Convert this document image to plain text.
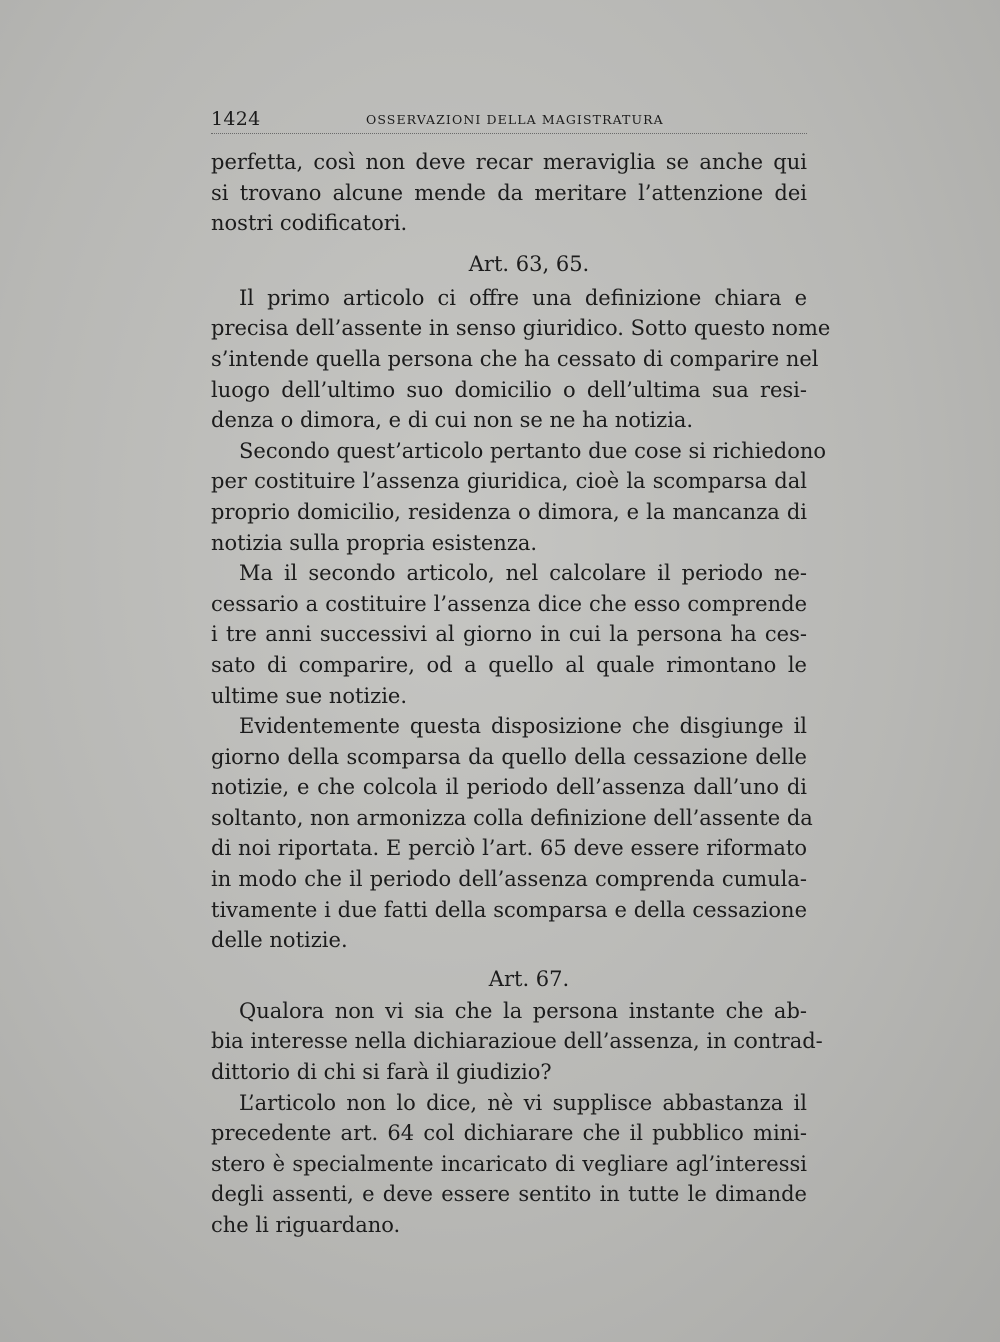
1424	OSSERVAZIONI DELLA MAGISTRATURA
perfetta, così non deve recar meraviglia se anche qui
si trovano alcune mende da meritare l’attenzione dei
nostri codificatori.
Art. 63, 65.
Il primo articolo ci offre una definizione chiara e
precisa dell’assente in senso giuridico. Sotto questo nome
s’intende quella persona che ha cessato di comparire nel
luogo dell’ultimo suo domicilio o dell’ultima sua resi-
denza o dimora, e di cui non se ne ha notizia.
Secondo quest’articolo pertanto due cose si richiedono
per costituire l’assenza giuridica, cioè la scomparsa dal
proprio domicilio, residenza o dimora, e la mancanza di
notizia sulla propria esistenza.
Ma il secondo articolo, nel calcolare il periodo ne-
cessario a costituire l’assenza dice che esso comprende
i tre anni successivi al giorno in cui la persona ha ces-
sato di comparire, od a quello al quale rimontano le
ultime sue notizie.
Evidentemente questa disposizione che disgiunge il
giorno della scomparsa da quello della cessazione delle
notizie, e che colcola il periodo dell’assenza dall’uno di
soltanto, non armonizza colla definizione dell’assente da
di noi riportata. E perciò l’art. 65 deve essere riformato
in modo che il periodo dell’assenza comprenda cumula-
tivamente i due fatti della scomparsa e della cessazione
delle notizie.
Art. 67.
Qualora non vi sia che la persona instante che ab-
bia interesse nella dichiarazioue dell’assenza, in contrad-
dittorio di chi si farà il giudizio?
L’articolo non lo dice, nè vi supplisce abbastanza il
precedente art. 64 col dichiarare che il pubblico mini-
stero è specialmente incaricato di vegliare agl’interessi
degli assenti, e deve essere sentito in tutte le dimande
che li riguardano.
